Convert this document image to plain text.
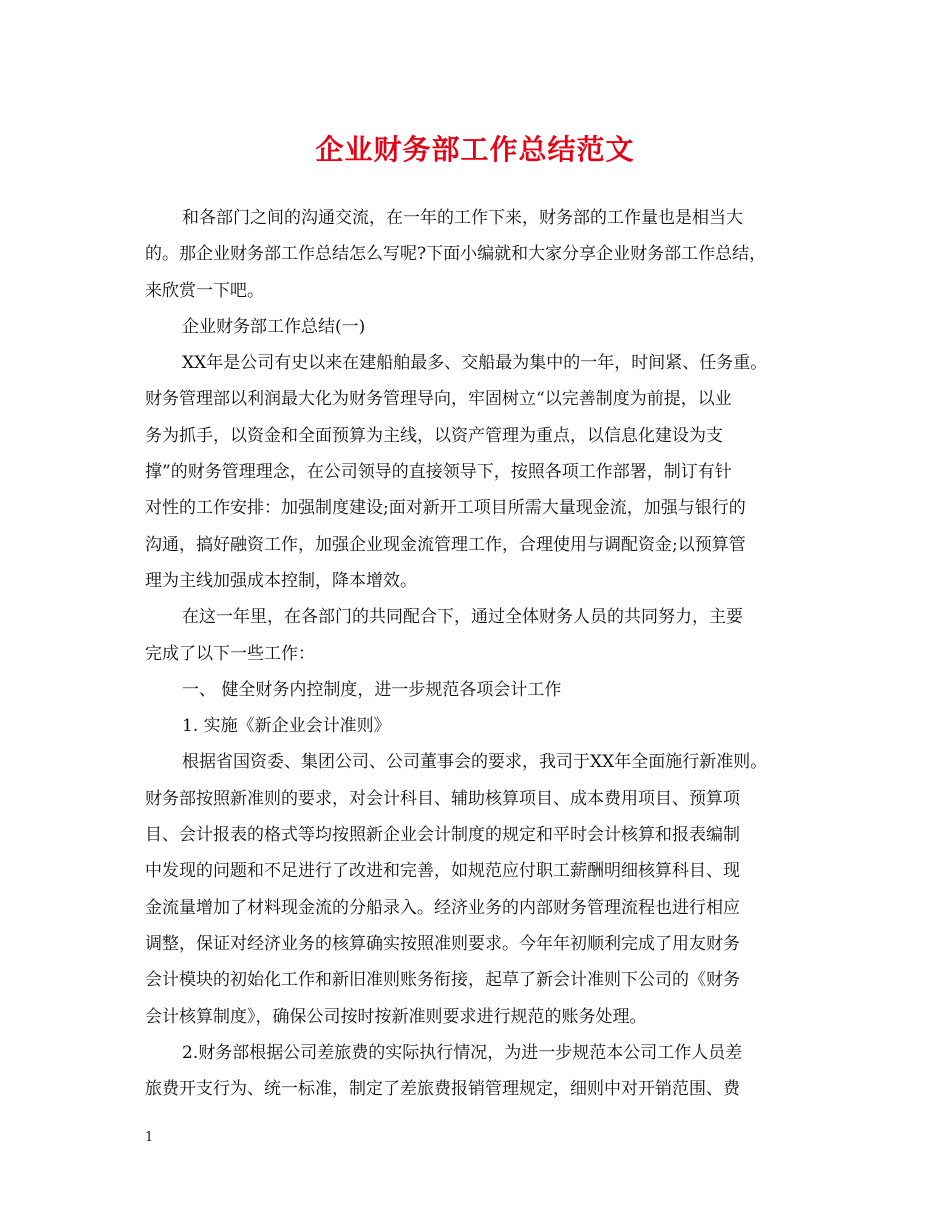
企业财务部工作总结范文
和各部门之间的沟通交流，在一年的工作下来，财务部的工作量也是相当大
的。那企业财务部工作总结怎么写呢?下面小编就和大家分享企业财务部工作总结，
来欣赏一下吧。
企业财务部工作总结(一)
XX年是公司有史以来在建船舶最多、交船最为集中的一年，时间紧、任务重。
财务管理部以利润最大化为财务管理导向，牢固树立“以完善制度为前提，以业
务为抓手，以资金和全面预算为主线，以资产管理为重点，以信息化建设为支
撑”的财务管理理念，在公司领导的直接领导下，按照各项工作部署，制订有针
对性的工作安排：加强制度建设;面对新开工项目所需大量现金流，加强与银行的
沟通，搞好融资工作，加强企业现金流管理工作，合理使用与调配资金;以预算管
理为主线加强成本控制，降本增效。
在这一年里，在各部门的共同配合下，通过全体财务人员的共同努力，主要
完成了以下一些工作：
一、 健全财务内控制度，进一步规范各项会计工作
1. 实施《新企业会计准则》
根据省国资委、集团公司、公司董事会的要求，我司于XX年全面施行新准则。
财务部按照新准则的要求，对会计科目、辅助核算项目、成本费用项目、预算项
目、会计报表的格式等均按照新企业会计制度的规定和平时会计核算和报表编制
中发现的问题和不足进行了改进和完善，如规范应付职工薪酬明细核算科目、现
金流量增加了材料现金流的分船录入。经济业务的内部财务管理流程也进行相应
调整，保证对经济业务的核算确实按照准则要求。今年年初顺利完成了用友财务
会计模块的初始化工作和新旧准则账务衔接，起草了新会计准则下公司的《财务
会计核算制度》，确保公司按时按新准则要求进行规范的账务处理。
2.财务部根据公司差旅费的实际执行情况，为进一步规范本公司工作人员差
旅费开支行为、统一标准，制定了差旅费报销管理规定，细则中对开销范围、费
1
